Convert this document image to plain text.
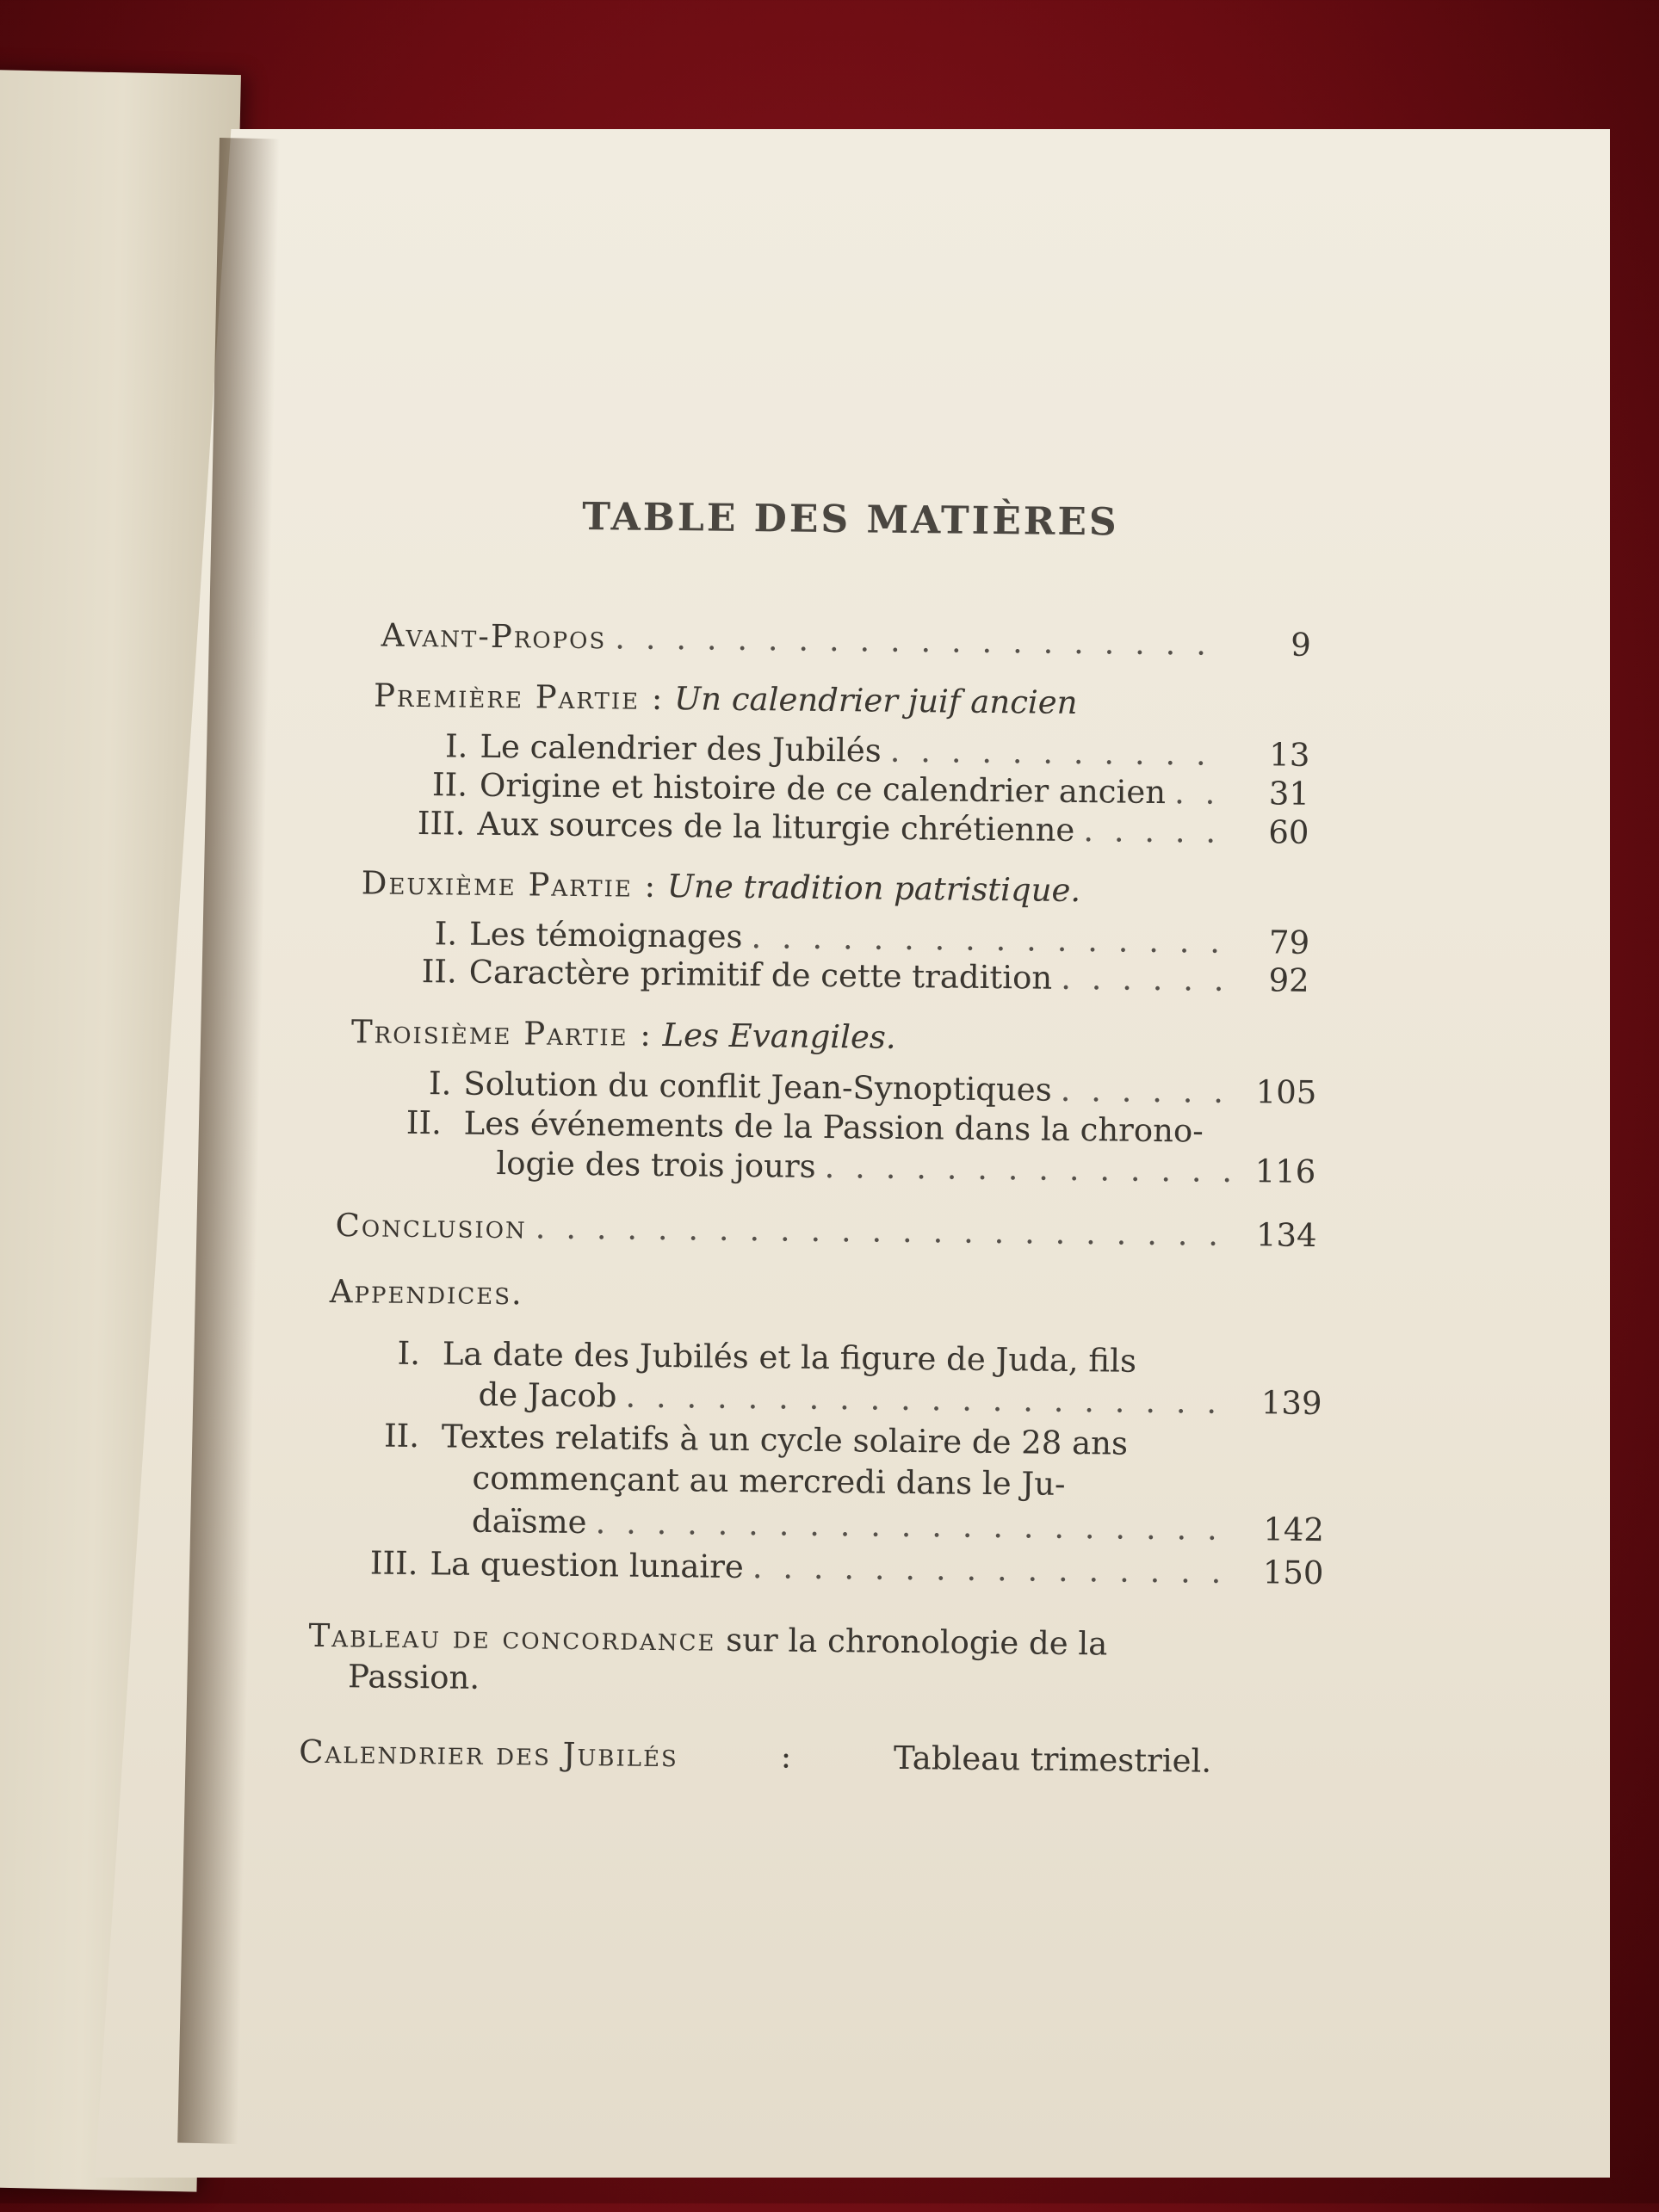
TABLE DES MATIÈRES
Avant-Propos . . .	9
Première Partie : Un calendrier juif ancien
I. Le calendrier des Jubilés . . .	13
II. Origine et histoire de ce calendrier ancien . . .	31
III. Aux sources de la liturgie chrétienne . . .	60
Deuxième Partie : Une tradition patristique.
I. Les témoignages . . .	79
II. Caractère primitif de cette tradition . . .	92
Troisième Partie : Les Evangiles.
I. Solution du conflit Jean-Synoptiques . . .	105
II. Les événements de la Passion dans la chrono-
logie des trois jours . . .	116
Conclusion . . .	134
Appendices.
I. La date des Jubilés et la figure de Juda, fils
de Jacob . . .	139
II. Textes relatifs à un cycle solaire de 28 ans
commençant au mercredi dans le Ju-
daïsme . . .	142
III. La question lunaire . . .	150
Tableau de concordance sur la chronologie de la
Passion.
Calendrier des Jubilés	:	Tableau trimestriel.
